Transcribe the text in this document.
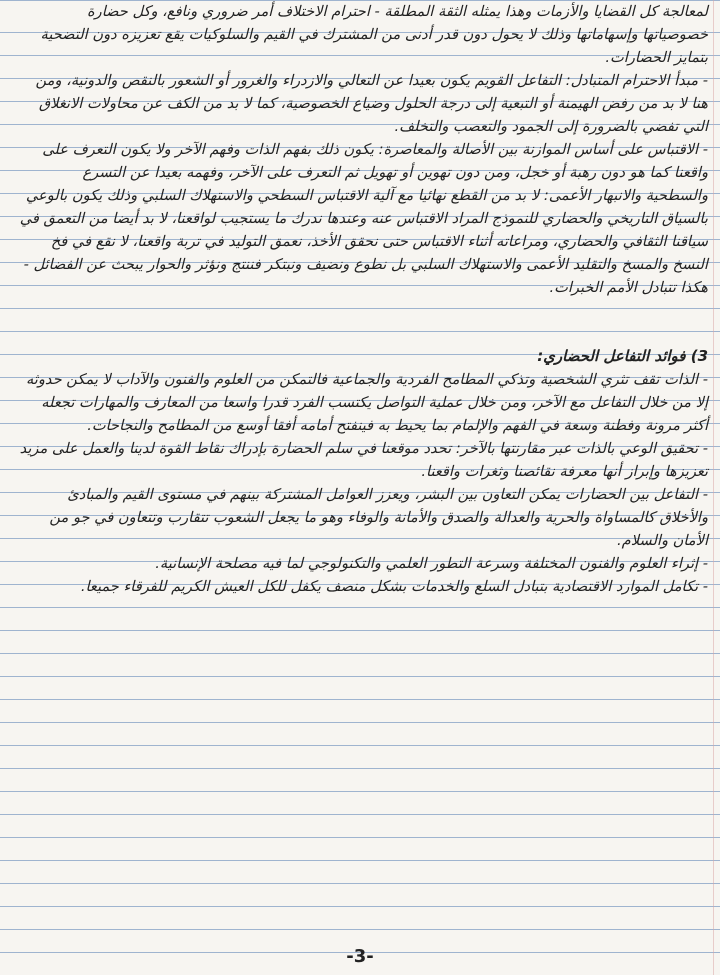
لمعالجة كل القضايا والأزمات وهذا يمثله الثقة المطلقة - احترام الاختلاف أمر ضروري ونافع، وكل حضارة خصوصياتها وإسهاماتها وذلك لا يحول دون قدر أدنى من المشترك في القيم والسلوكيات يقع تعزيزه دون التضحية بتمايز الحضارات.

- مبدأ الاحترام المتبادل: التفاعل القويم يكون بعيدا عن التعالي والازدراء والغرور أو الشعور بالنقص والدونية، ومن هنا لا بد من رفض الهيمنة أو التبعية إلى درجة الحلول وضياع الخصوصية، كما لا بد من الكف عن محاولات الانغلاق التي تفضي بالضرورة إلى الجمود والتعصب والتخلف.

- الاقتباس على أساس الموازنة بين الأصالة والمعاصرة: يكون ذلك بفهم الذات وفهم الآخر ولا يكون التعرف على واقعنا كما هو دون رهبة أو خجل، ومن دون تهوين أو تهويل ثم التعرف على الآخر، وفهمه بعيدا عن التسرع والسطحية والانبهار الأعمى: لا بد من القطع نهائيا مع آلية الاقتباس السطحي والاستهلاك السلبي وذلك يكون بالوعي بالسياق التاريخي والحضاري للنموذج المراد الاقتباس عنه وعندها ندرك ما يستجيب لواقعنا، لا بد أيضا من التعمق في سياقنا الثقافي والحضاري، ومراعاته أثناء الاقتباس حتى نحقق الأخذ، نعمق التوليد في تربة واقعنا، لا نقع في فخ النسخ والمسخ والتقليد الأعمى والاستهلاك السلبي بل نطوع ونضيف ونبتكر فننتج ونؤثر والحوار يبحث عن الفضائل - هكذا تتبادل الأمم الخبرات.

3) فوائد التفاعل الحضاري:

- الذات تقف تثري الشخصية وتذكي المطامح الفردية والجماعية فالتمكن من العلوم والفنون والآداب لا يمكن حدوثه إلا من خلال التفاعل مع الآخر، ومن خلال عملية التواصل يكتسب الفرد قدرا واسعا من المعارف والمهارات تجعله أكثر مرونة وفطنة وسعة في الفهم والإلمام بما يحيط به فينفتح أمامه أفقا أوسع من المطامح والنجاحات.

- تحقيق الوعي بالذات عبر مقارنتها بالآخر: تحدد موقعنا في سلم الحضارة بإدراك نقاط القوة لدينا والعمل على مزيد تعزيزها وإبراز أنها معرفة نقائصنا وثغرات واقعنا.

- التفاعل بين الحضارات يمكن التعاون بين البشر، ويعزز العوامل المشتركة بينهم في مستوى القيم والمبادئ والأخلاق كالمساواة والحرية والعدالة والصدق والأمانة والوفاء وهو ما يجعل الشعوب تتقارب وتتعاون في جو من الأمان والسلام.

- إثراء العلوم والفنون المختلفة وسرعة التطور العلمي والتكنولوجي لما فيه مصلحة الإنسانية.

- تكامل الموارد الاقتصادية بتبادل السلع والخدمات بشكل منصف يكفل للكل العيش الكريم للفرقاء جميعا.

-3-
